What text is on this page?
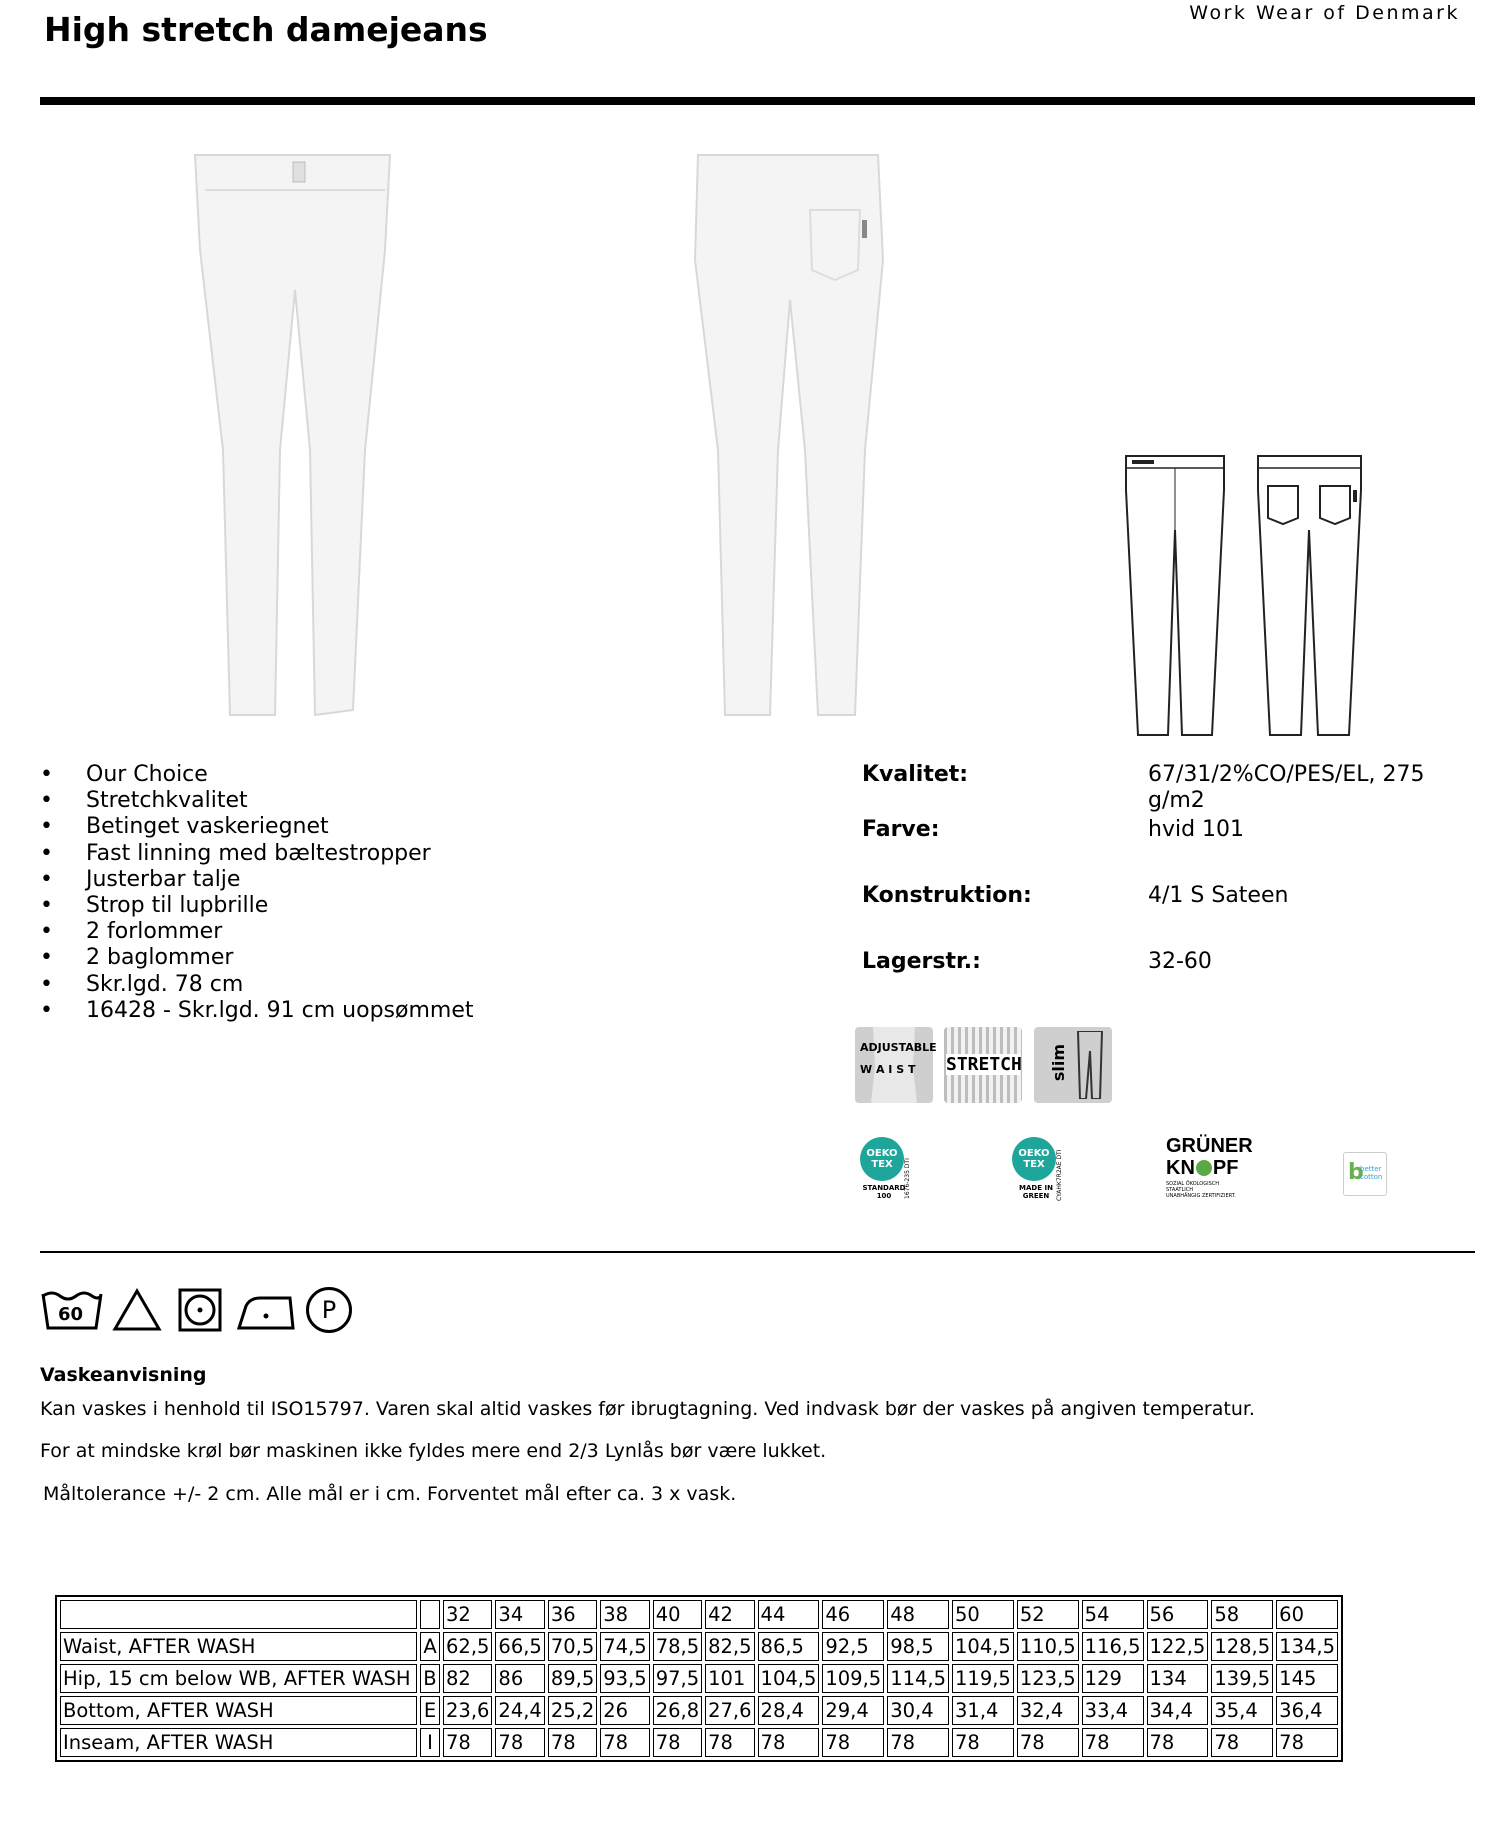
High stretch damejeans	Work Wear of Denmark
• Our Choice
• Stretchkvalitet
• Betinget vaskeriegnet
• Fast linning med bæltestropper
• Justerbar talje
• Strop til lupbrille
• 2 forlommer
• 2 baglommer
• Skr.lgd. 78 cm
• 16428 - Skr.lgd. 91 cm uopsømmet
Kvalitet:	67/31/2%CO/PES/EL, 275 g/m2
Farve:	hvid 101
Konstruktion:	4/1 S Sateen
Lagerstr.:	32-60
ADJUSTABLE
W A I S T STRETCH slim
OEKO
TEX
STANDARD
100	1676-235 DTI
OEKO
TEX
MADE IN
GREEN	CYAHK7R2AE DTI
GRÜNER
KN PF
SOZIAL ÖKOLOGISCH STAATLICH
UNABHÄNGIG ZERTIFIZIERT.
b
better
cotton
60	P
Vaskeanvisning
Kan vaskes i henhold til ISO15797. Varen skal altid vaskes før ibrugtagning. Ved indvask bør der vaskes på angiven temperatur.
For at mindske krøl bør maskinen ikke fyldes mere end 2/3 Lynlås bør være lukket.
Måltolerance +/- 2 cm. Alle mål er i cm. Forventet mål efter ca. 3 x vask.
		32	34	36	38	40	42	44	46	48	50	52	54	56	58	60
Waist, AFTER WASH	A	62,5	66,5	70,5	74,5	78,5	82,5	86,5	92,5	98,5	104,5	110,5	116,5	122,5	128,5	134,5
Hip, 15 cm below WB, AFTER WASH	B	82	86	89,5	93,5	97,5	101	104,5	109,5	114,5	119,5	123,5	129	134	139,5	145
Bottom, AFTER WASH	E	23,6	24,4	25,2	26	26,8	27,6	28,4	29,4	30,4	31,4	32,4	33,4	34,4	35,4	36,4
Inseam, AFTER WASH	I	78	78	78	78	78	78	78	78	78	78	78	78	78	78	78
